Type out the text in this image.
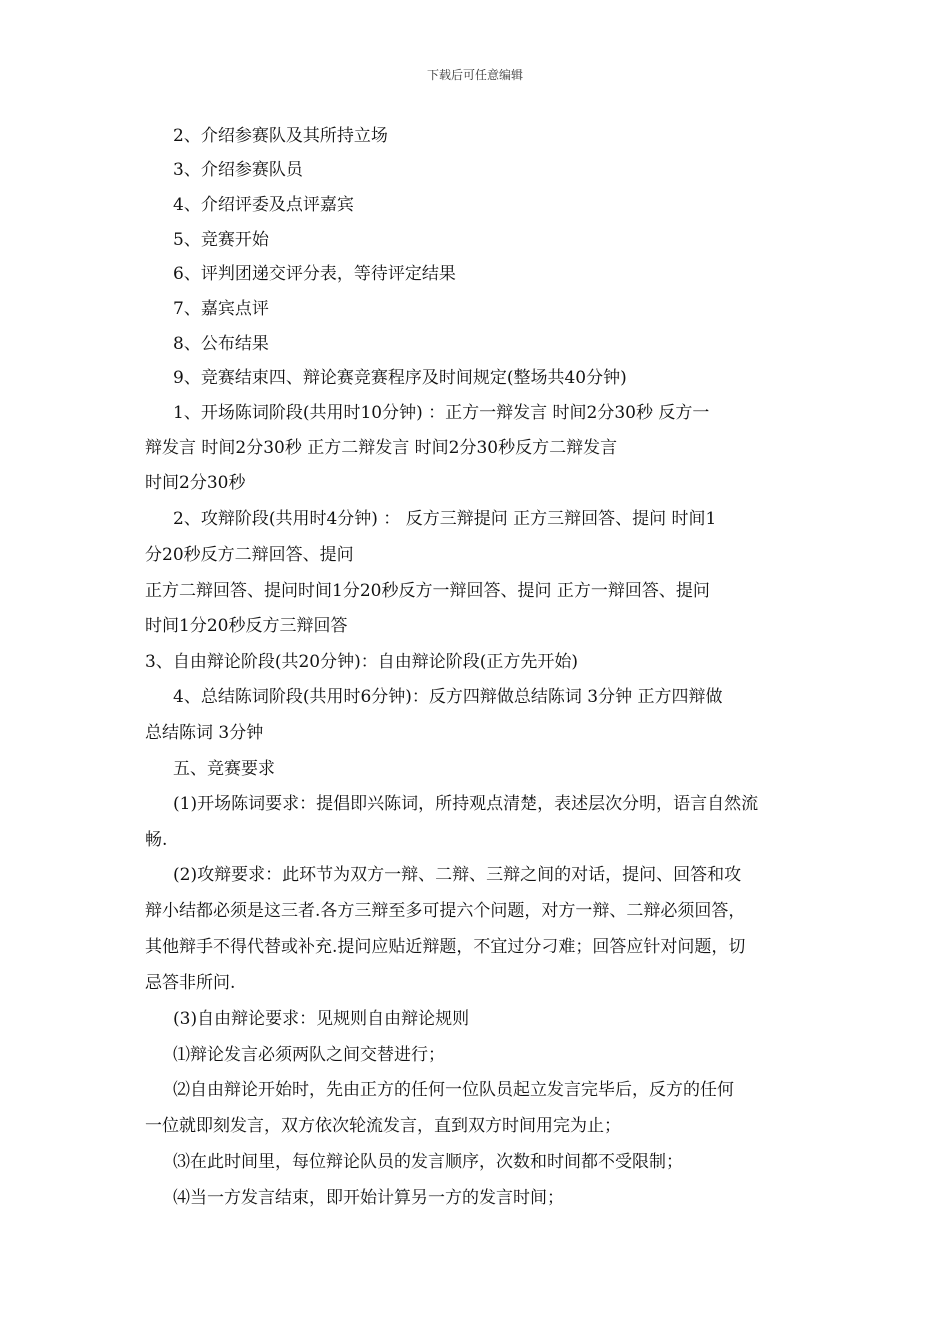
下载后可任意编辑
2、介绍参赛队及其所持立场
3、介绍参赛队员
4、介绍评委及点评嘉宾
5、竞赛开始
6、评判团递交评分表，等待评定结果
7、嘉宾点评
8、公布结果
9、竞赛结束四、辩论赛竞赛程序及时间规定(整场共40分钟)
1、开场陈词阶段(共用时10分钟) ：正方一辩发言 时间2分30秒 反方一
辩发言 时间2分30秒 正方二辩发言 时间2分30秒反方二辩发言
时间2分30秒
2、攻辩阶段(共用时4分钟) ： 反方三辩提问 正方三辩回答、提问 时间1
分20秒反方二辩回答、提问
正方二辩回答、提问时间1分20秒反方一辩回答、提问 正方一辩回答、提问
时间1分20秒反方三辩回答
3、自由辩论阶段(共20分钟)：自由辩论阶段(正方先开始)
4、总结陈词阶段(共用时6分钟)：反方四辩做总结陈词 3分钟 正方四辩做
总结陈词 3分钟
五、竞赛要求
(1)开场陈词要求：提倡即兴陈词，所持观点清楚，表述层次分明，语言自然流
畅.
(2)攻辩要求：此环节为双方一辩、二辩、三辩之间的对话，提问、回答和攻
辩小结都必须是这三者.各方三辩至多可提六个问题，对方一辩、二辩必须回答，
其他辩手不得代替或补充.提问应贴近辩题，不宜过分刁难；回答应针对问题，切
忌答非所问.
(3)自由辩论要求：见规则自由辩论规则
⑴辩论发言必须两队之间交替进行；
⑵自由辩论开始时，先由正方的任何一位队员起立发言完毕后，反方的任何
一位就即刻发言，双方依次轮流发言，直到双方时间用完为止；
⑶在此时间里，每位辩论队员的发言顺序，次数和时间都不受限制；
⑷当一方发言结束，即开始计算另一方的发言时间；
